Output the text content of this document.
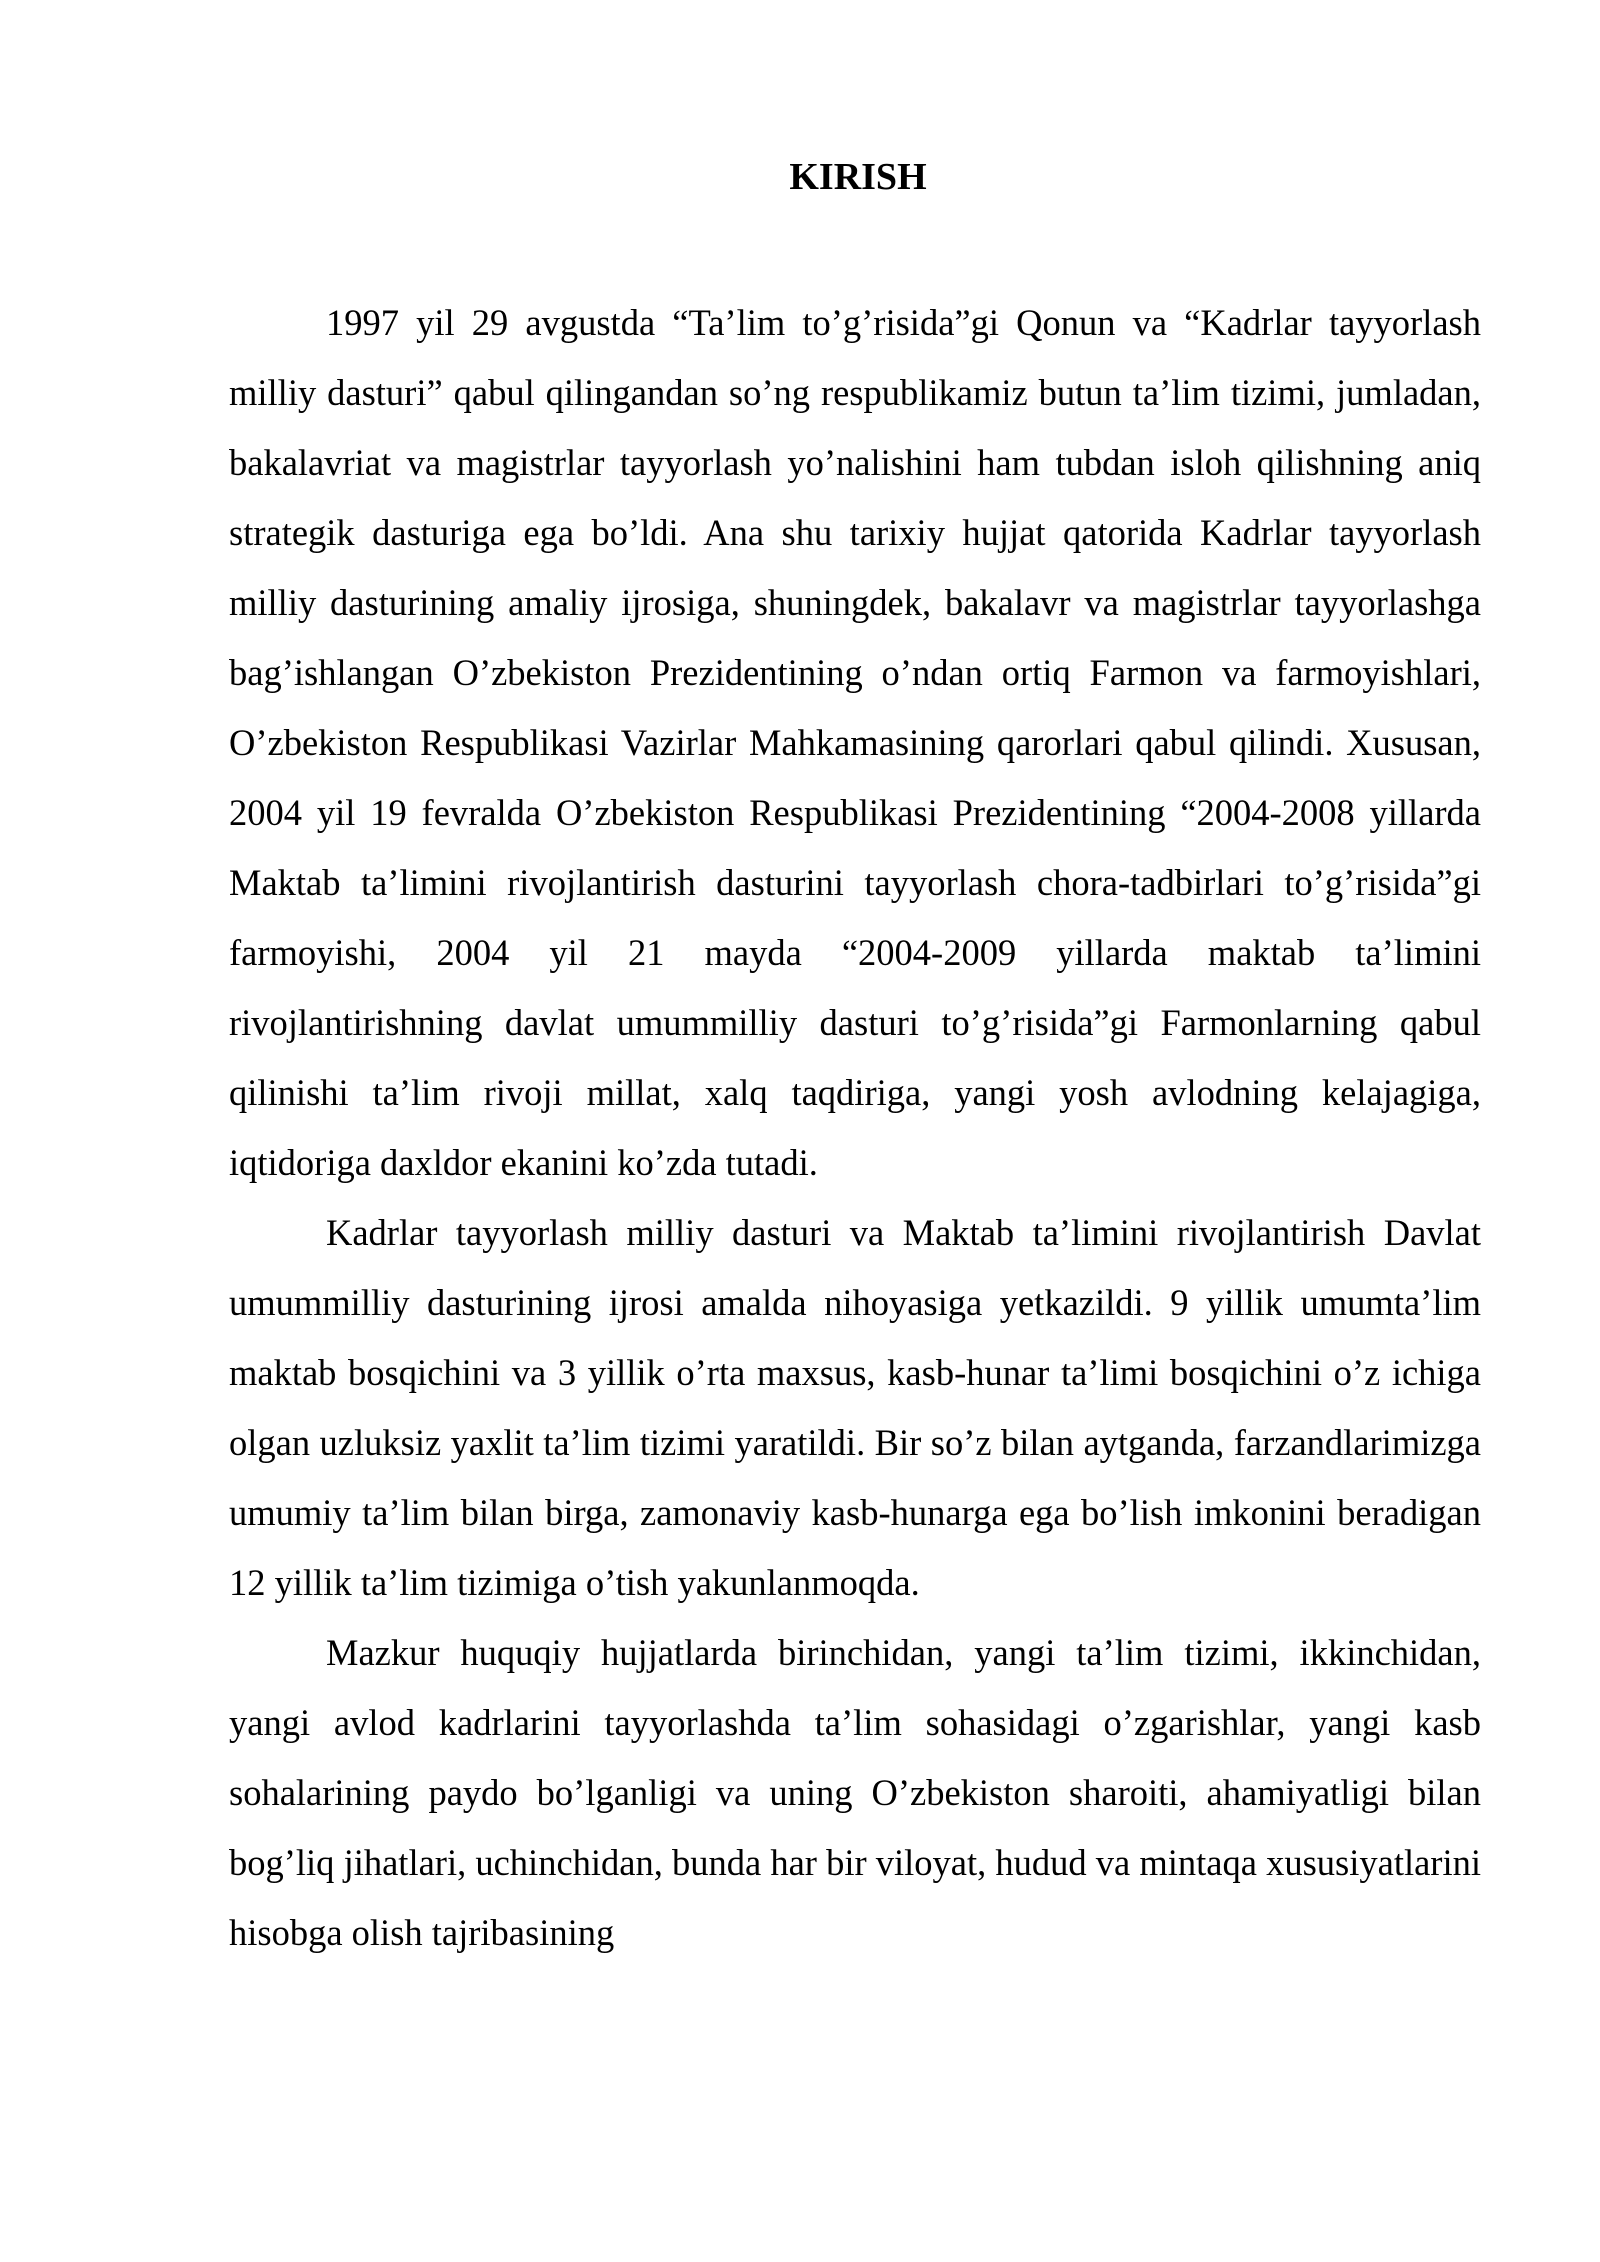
KIRISH

1997 yil 29 avgustda “Ta’lim to’g’risida”gi Qonun va “Kadrlar tayyorlash milliy dasturi” qabul qilingandan so’ng respublikamiz butun ta’lim tizimi, jumladan, bakalavriat va magistrlar tayyorlash yo’nalishini ham tubdan isloh qilishning aniq strategik dasturiga ega bo’ldi. Ana shu tarixiy hujjat qatorida Kadrlar tayyorlash milliy dasturining amaliy ijrosiga, shuningdek, bakalavr va magistrlar tayyorlashga bag’ishlangan O’zbekiston Prezidentining o’ndan ortiq Farmon va farmoyishlari, O’zbekiston Respublikasi Vazirlar Mahkamasining qarorlari qabul qilindi. Xususan, 2004 yil 19 fevralda O’zbekiston Respublikasi Prezidentining “2004-2008 yillarda Maktab ta’limini rivojlantirish dasturini tayyorlash chora-tadbirlari to’g’risida”gi farmoyishi, 2004 yil 21 mayda “2004-2009 yillarda maktab ta’limini rivojlantirishning davlat umummilliy dasturi to’g’risida”gi Farmonlarning qabul qilinishi ta’lim rivoji millat, xalq taqdiriga, yangi yosh avlodning kelajagiga, iqtidoriga daxldor ekanini ko’zda tutadi.

Kadrlar tayyorlash milliy dasturi va Maktab ta’limini rivojlantirish Davlat umummilliy dasturining ijrosi amalda nihoyasiga yetkazildi. 9 yillik umumta’lim maktab bosqichini va 3 yillik o’rta maxsus, kasb-hunar ta’limi bosqichini o’z ichiga olgan uzluksiz yaxlit ta’lim tizimi yaratildi. Bir so’z bilan aytganda, farzandlarimizga umumiy ta’lim bilan birga, zamonaviy kasb-hunarga ega bo’lish imkonini beradigan 12 yillik ta’lim tizimiga o’tish yakunlanmoqda.

Mazkur huquqiy hujjatlarda birinchidan, yangi ta’lim tizimi, ikkinchidan, yangi avlod kadrlarini tayyorlashda ta’lim sohasidagi o’zgarishlar, yangi kasb sohalarining paydo bo’lganligi va uning O’zbekiston sharoiti, ahamiyatligi bilan bog’liq jihatlari, uchinchidan, bunda har bir viloyat, hudud va mintaqa xususiyatlarini hisobga olish tajribasining
